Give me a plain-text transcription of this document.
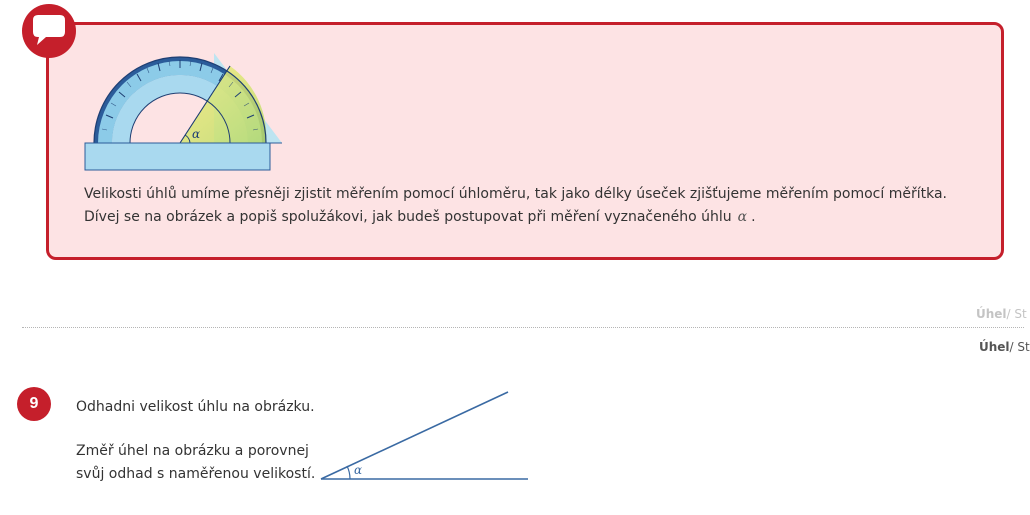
α

Velikosti úhlů umíme přesněji zjistit měřením pomocí úhloměru, tak jako délky úseček zjišťujeme měřením pomocí měřítka.

Dívej se na obrázek a popiš spolužákovi, jak budeš postupovat při měření vyznačeného úhlu α .

Úhel/ St
Úhel/ St
9	Odhadni velikost úhlu na obrázku.
Změř úhel na obrázku a porovnej
svůj odhad s naměřenou velikostí.	α
